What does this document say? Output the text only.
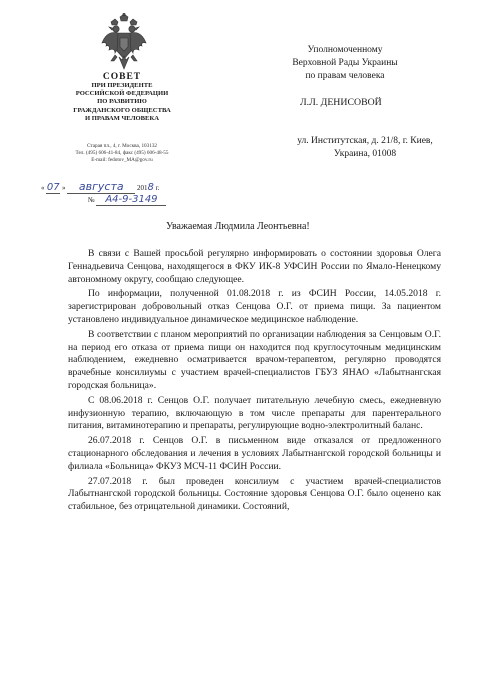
СОВЕТ
ПРИ ПРЕЗИДЕНТЕ
РОССИЙСКОЙ ФЕДЕРАЦИИ
ПО РАЗВИТИЮ
ГРАЖДАНСКОГО ОБЩЕСТВА
И ПРАВАМ ЧЕЛОВЕКА
Старая пл., 4, г. Москва, 103132
Тел. (495) 606-41-84, факс (495) 606-48-55
E-mail: fedotov_MA@gov.ru
« 07 » августа 2018 г.
№ А4-9-3149
Уполномоченному
Верховной Рады Украины
по правам человека
Л.Л. ДЕНИСОВОЙ
ул. Институтская, д. 21/8, г. Киев,
Украина, 01008
Уважаемая Людмила Леонтьевна!

В связи с Вашей просьбой регулярно информировать о состоянии здоровья Олега Геннадьевича Сенцова, находящегося в ФКУ ИК-8 УФСИН России по Ямало-Ненецкому автономному округу, сообщаю следующее.

По информации, полученной 01.08.2018 г. из ФСИН России, 14.05.2018 г. зарегистрирован добровольный отказ Сенцова О.Г. от приема пищи. За пациентом установлено индивидуальное динамическое медицинское наблюдение.

В соответствии с планом мероприятий по организации наблюдения за Сенцовым О.Г. на период его отказа от приема пищи он находится под круглосуточным медицинским наблюдением, ежедневно осматривается врачом-терапевтом, регулярно проводятся врачебные консилиумы с участием врачей-специалистов ГБУЗ ЯНАО «Лабытнангская городская больница».

С 08.06.2018 г. Сенцов О.Г. получает питательную лечебную смесь, ежедневную инфузионную терапию, включающую в том числе препараты для парентерального питания, витаминотерапию и препараты, регулирующие водно-электролитный баланс.

26.07.2018 г. Сенцов О.Г. в письменном виде отказался от предложенного стационарного обследования и лечения в условиях Лабытнангской городской больницы и филиала «Больница» ФКУЗ МСЧ-11 ФСИН России.

27.07.2018 г. был проведен консилиум с участием врачей-специалистов Лабытнангской городской больницы. Состояние здоровья Сенцова О.Г. было оценено как стабильное, без отрицательной динамики. Состояний,
